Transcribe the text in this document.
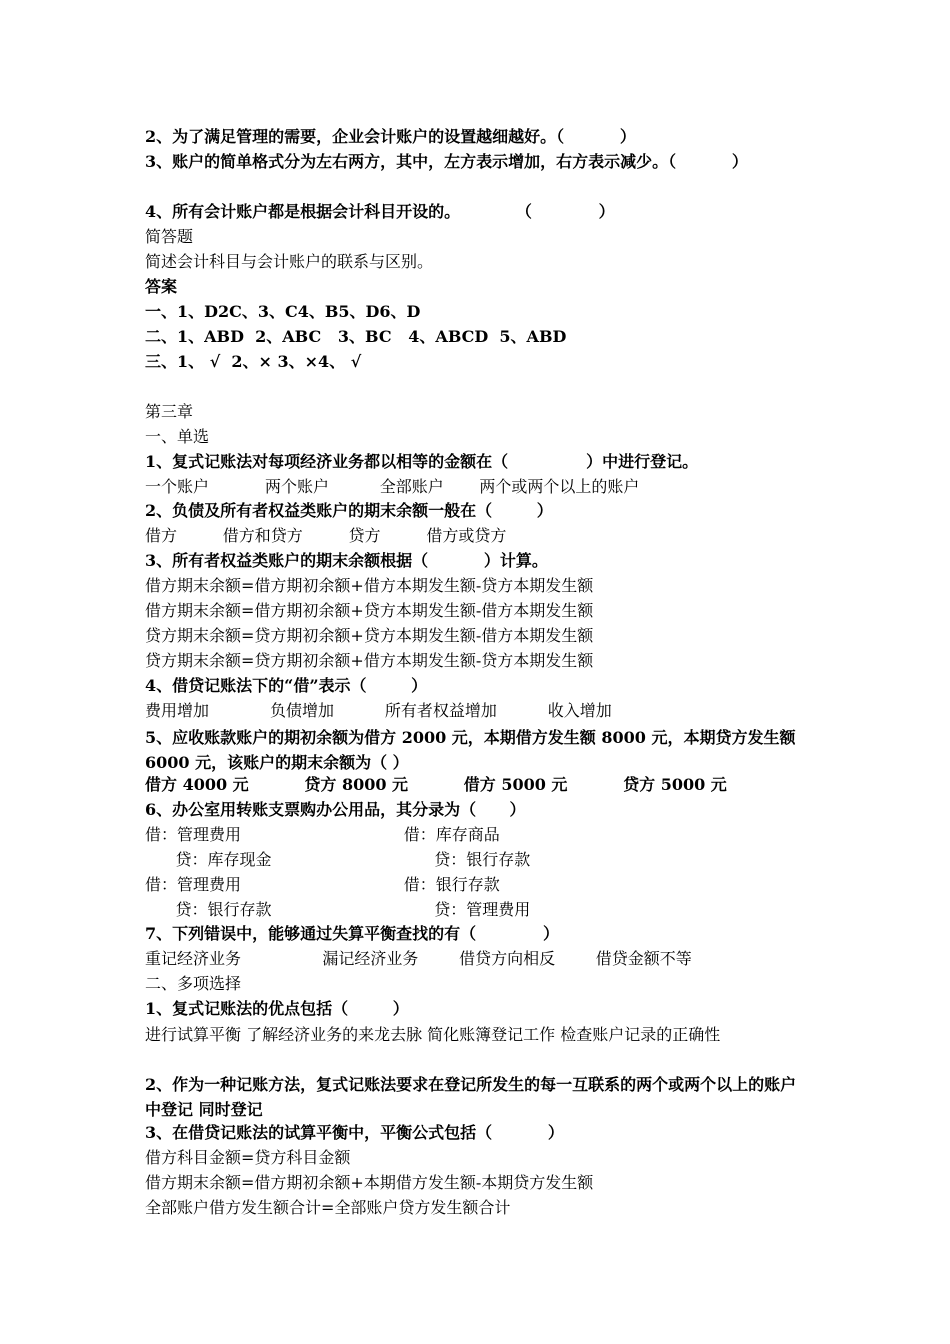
2、为了满足管理的需要，企业会计账户的设置越细越好。（          ）
3、账户的简单格式分为左右两方，其中，左方表示增加，右方表示减少。（          ）
4、所有会计账户都是根据会计科目开设的。          （            ）
简答题
简述会计科目与会计账户的联系与区别。
答案
一、1、D2C、3、C4、B5、D6、D
二、1、ABD  2、ABC   3、BC   4、ABCD  5、ABD
三、1、 √  2、× 3、×4、 √
第三章
一、单选
1、复式记账法对每项经济业务都以相等的金额在（              ）中进行登记。
一个账户           两个账户          全部账户       两个或两个以上的账户
2、负债及所有者权益类账户的期末余额一般在（        ）
借方         借方和贷方         贷方         借方或贷方
3、所有者权益类账户的期末余额根据（          ）计算。
借方期末余额=借方期初余额+借方本期发生额-贷方本期发生额
借方期末余额=借方期初余额+贷方本期发生额-借方本期发生额
贷方期末余额=贷方期初余额+贷方本期发生额-借方本期发生额
贷方期末余额=贷方期初余额+借方本期发生额-贷方本期发生额
4、借贷记账法下的“借”表示（        ）
费用增加            负债增加          所有者权益增加          收入增加
5、应收账款账户的期初余额为借方 2000 元，本期借方发生额 8000 元，本期贷方发生额 6000 元，该账户的期末余额为（ ）
借方 4000 元          贷方 8000 元          借方 5000 元          贷方 5000 元
6、办公室用转账支票购办公用品，其分录为（      ）
借：管理费用                                借：库存商品
贷：库存现金                                贷：银行存款
借：管理费用                                借：银行存款
贷：银行存款                                贷：管理费用
7、下列错误中，能够通过失算平衡查找的有（            ）
重记经济业务                漏记经济业务        借贷方向相反        借贷金额不等
二、多项选择
1、复式记账法的优点包括（        ）
进行试算平衡 了解经济业务的来龙去脉 简化账簿登记工作 检查账户记录的正确性
2、作为一种记账方法，复式记账法要求在登记所发生的每一互联系的两个或两个以上的账户中登记 同时登记
3、在借贷记账法的试算平衡中，平衡公式包括（          ）
借方科目金额=贷方科目金额
借方期末余额=借方期初余额+本期借方发生额-本期贷方发生额
全部账户借方发生额合计=全部账户贷方发生额合计
